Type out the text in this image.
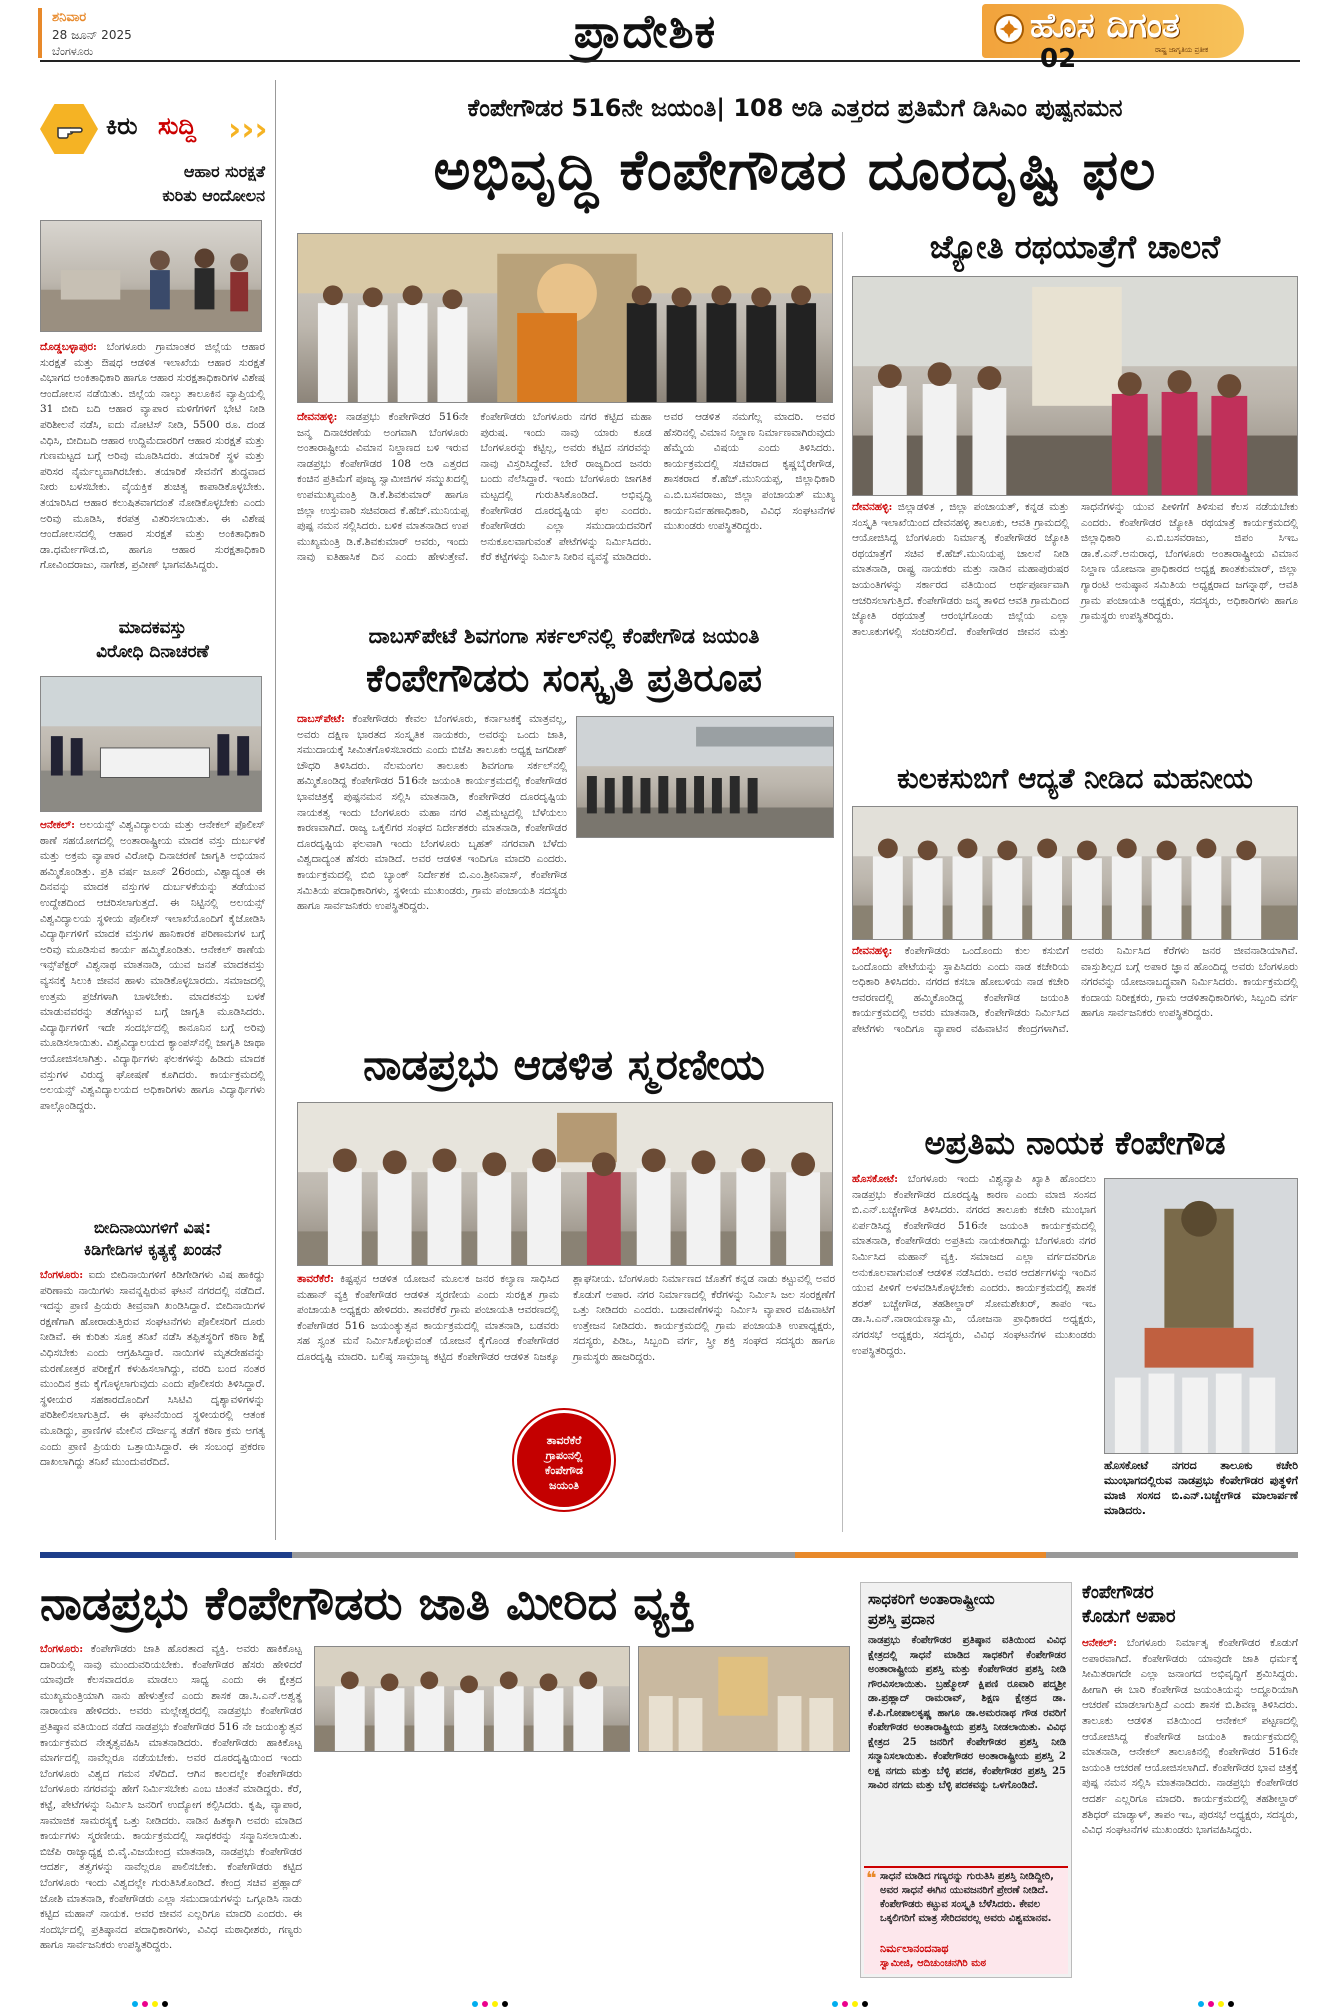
ಶನಿವಾರ
28 ಜೂನ್ 2025
ಬೆಂಗಳೂರು	ಪ್ರಾದೇಶಿಕ	ಹೊಸ ದಿಗಂತ
ರಾಷ್ಟ್ರ ಜಾಗೃತಿಯ ಪ್ರತೀಕ
02
ಕಿರು ಸುದ್ದಿ ›››
ಆಹಾರ ಸುರಕ್ಷತೆ
ಕುರಿತು ಆಂದೋಲನ
ದೊಡ್ಡಬಳ್ಳಾಪುರ: ಬೆಂಗಳೂರು ಗ್ರಾಮಾಂತರ ಜಿಲ್ಲೆಯ ಆಹಾರ ಸುರಕ್ಷತೆ ಮತ್ತು ಔಷಧ ಆಡಳಿತ ಇಲಾಖೆಯ ಆಹಾರ ಸುರಕ್ಷತೆ ವಿಭಾಗದ ಅಂಕಿತಾಧಿಕಾರಿ ಹಾಗೂ ಆಹಾರ ಸುರಕ್ಷತಾಧಿಕಾರಿಗಳ ವಿಶೇಷ ಆಂದೋಲನ ನಡೆಯಿತು. ಜಿಲ್ಲೆಯ ನಾಲ್ಕು ತಾಲೂಕಿನ ವ್ಯಾಪ್ತಿಯಲ್ಲಿ 31 ಬೀದಿ ಬದಿ ಆಹಾರ ವ್ಯಾಪಾರ ಮಳಿಗೆಗಳಿಗೆ ಭೇಟಿ ನೀಡಿ ಪರಿಶೀಲನೆ ನಡೆಸಿ, ಐದು ನೋಟಿಸ್ ನೀಡಿ, 5500 ರೂ. ದಂಡ ವಿಧಿಸಿ, ಬೀದಿಬದಿ ಆಹಾರ ಉದ್ದಿಮೆದಾರರಿಗೆ ಆಹಾರ ಸುರಕ್ಷತೆ ಮತ್ತು ಗುಣಮಟ್ಟದ ಬಗ್ಗೆ ಅರಿವು ಮೂಡಿಸಿದರು. ತಯಾರಿಕೆ ಸ್ಥಳ ಮತ್ತು ಪರಿಸರ ನೈರ್ಮಲ್ಯವಾಗಿರಬೇಕು. ತಯಾರಿಕೆ ಸೇವನೆಗೆ ಶುದ್ಧವಾದ ನೀರು ಬಳಸಬೇಕು. ವೈಯಕ್ತಿಕ ಶುಚಿತ್ವ ಕಾಪಾಡಿಕೊಳ್ಳಬೇಕು. ತಯಾರಿಸಿದ ಆಹಾರ ಕಲುಷಿತವಾಗದಂತೆ ನೋಡಿಕೊಳ್ಳಬೇಕು ಎಂದು ಅರಿವು ಮೂಡಿಸಿ, ಕರಪತ್ರ ವಿತರಿಸಲಾಯಿತು. ಈ ವಿಶೇಷ ಆಂದೋಲನದಲ್ಲಿ ಆಹಾರ ಸುರಕ್ಷತೆ ಮತ್ತು ಅಂಕಿತಾಧಿಕಾರಿ ಡಾ.ಧರ್ಮೇಗೌಡ.ಬಿ, ಹಾಗೂ ಆಹಾರ ಸುರಕ್ಷತಾಧಿಕಾರಿ ಗೋವಿಂದರಾಜು, ನಾಗೇಶ, ಪ್ರವೀಣ್ ಭಾಗವಹಿಸಿದ್ದರು.
ಮಾದಕವಸ್ತು
ವಿರೋಧಿ ದಿನಾಚರಣೆ
ಆನೇಕಲ್: ಅಲಯನ್ಸ್ ವಿಶ್ವವಿದ್ಯಾಲಯ ಮತ್ತು ಆನೇಕಲ್ ಪೊಲೀಸ್ ಠಾಣೆ ಸಹಯೋಗದಲ್ಲಿ ಅಂತಾರಾಷ್ಟ್ರೀಯ ಮಾದಕ ವಸ್ತು ದುರ್ಬಳಕೆ ಮತ್ತು ಅಕ್ರಮ ವ್ಯಾಪಾರ ವಿರೋಧಿ ದಿನಾಚರಣೆ ಜಾಗೃತಿ ಅಭಿಯಾನ ಹಮ್ಮಿಕೊಂಡಿತ್ತು. ಪ್ರತಿ ವರ್ಷ ಜೂನ್ 26ರಂದು, ವಿಶ್ವಾದ್ಯಂತ ಈ ದಿನವನ್ನು ಮಾದಕ ವಸ್ತುಗಳ ದುರ್ಬಳಕೆಯನ್ನು ತಡೆಯುವ ಉದ್ದೇಶದಿಂದ ಆಚರಿಸಲಾಗುತ್ತದೆ. ಈ ನಿಟ್ಟಿನಲ್ಲಿ ಅಲಯನ್ಸ್ ವಿಶ್ವವಿದ್ಯಾಲಯ ಸ್ಥಳೀಯ ಪೊಲೀಸ್ ಇಲಾಖೆಯೊಂದಿಗೆ ಕೈಜೋಡಿಸಿ ವಿದ್ಯಾರ್ಥಿಗಳಿಗೆ ಮಾದಕ ವಸ್ತುಗಳ ಹಾನಿಕಾರಕ ಪರಿಣಾಮಗಳ ಬಗ್ಗೆ ಅರಿವು ಮೂಡಿಸುವ ಕಾರ್ಯ ಹಮ್ಮಿಕೊಂಡಿತು. ಆನೇಕಲ್ ಠಾಣೆಯ ಇನ್ಸ್‌ಪೆಕ್ಟರ್ ವಿಶ್ವನಾಥ ಮಾತನಾಡಿ, ಯುವ ಜನತೆ ಮಾದಕವಸ್ತು ವ್ಯಸನಕ್ಕೆ ಸಿಲುಕಿ ಜೀವನ ಹಾಳು ಮಾಡಿಕೊಳ್ಳಬಾರದು. ಸಮಾಜದಲ್ಲಿ ಉತ್ತಮ ಪ್ರಜೆಗಳಾಗಿ ಬಾಳಬೇಕು. ಮಾದಕವಸ್ತು ಬಳಕೆ ಮಾಡುವವರನ್ನು ತಡೆಗಟ್ಟುವ ಬಗ್ಗೆ ಜಾಗೃತಿ ಮೂಡಿಸಿದರು. ವಿದ್ಯಾರ್ಥಿಗಳಿಗೆ ಇದೇ ಸಂದರ್ಭದಲ್ಲಿ ಕಾನೂನಿನ ಬಗ್ಗೆ ಅರಿವು ಮೂಡಿಸಲಾಯಿತು. ವಿಶ್ವವಿದ್ಯಾಲಯದ ಕ್ಯಾಂಪಸ್‌ನಲ್ಲಿ ಜಾಗೃತಿ ಜಾಥಾ ಆಯೋಜಿಸಲಾಗಿತ್ತು. ವಿದ್ಯಾರ್ಥಿಗಳು ಫಲಕಗಳನ್ನು ಹಿಡಿದು ಮಾದಕ ವಸ್ತುಗಳ ವಿರುದ್ಧ ಘೋಷಣೆ ಕೂಗಿದರು. ಕಾರ್ಯಕ್ರಮದಲ್ಲಿ ಅಲಯನ್ಸ್ ವಿಶ್ವವಿದ್ಯಾಲಯದ ಅಧಿಕಾರಿಗಳು ಹಾಗೂ ವಿದ್ಯಾರ್ಥಿಗಳು ಪಾಲ್ಗೊಂಡಿದ್ದರು.
ಬೀದಿನಾಯಿಗಳಿಗೆ ವಿಷ:
ಕಿಡಿಗೇಡಿಗಳ ಕೃತ್ಯಕ್ಕೆ ಖಂಡನೆ
ಬೆಂಗಳೂರು: ಐದು ಬೀದಿನಾಯಿಗಳಿಗೆ ಕಿಡಿಗೇಡಿಗಳು ವಿಷ ಹಾಕಿದ್ದು ಪರಿಣಾಮ ನಾಯಿಗಳು ಸಾವನ್ನಪ್ಪಿರುವ ಘಟನೆ ನಗರದಲ್ಲಿ ನಡೆದಿದೆ. ಇದನ್ನು ಪ್ರಾಣಿ ಪ್ರಿಯರು ತೀವ್ರವಾಗಿ ಖಂಡಿಸಿದ್ದಾರೆ. ಬೀದಿನಾಯಿಗಳ ರಕ್ಷಣೆಗಾಗಿ ಹೋರಾಡುತ್ತಿರುವ ಸಂಘಟನೆಗಳು ಪೊಲೀಸರಿಗೆ ದೂರು ನೀಡಿವೆ. ಈ ಕುರಿತು ಸೂಕ್ತ ತನಿಖೆ ನಡೆಸಿ ತಪ್ಪಿತಸ್ಥರಿಗೆ ಕಠಿಣ ಶಿಕ್ಷೆ ವಿಧಿಸಬೇಕು ಎಂದು ಆಗ್ರಹಿಸಿದ್ದಾರೆ. ನಾಯಿಗಳ ಮೃತದೇಹವನ್ನು ಮರಣೋತ್ತರ ಪರೀಕ್ಷೆಗೆ ಕಳುಹಿಸಲಾಗಿದ್ದು, ವರದಿ ಬಂದ ನಂತರ ಮುಂದಿನ ಕ್ರಮ ಕೈಗೊಳ್ಳಲಾಗುವುದು ಎಂದು ಪೊಲೀಸರು ತಿಳಿಸಿದ್ದಾರೆ. ಸ್ಥಳೀಯರ ಸಹಕಾರದೊಂದಿಗೆ ಸಿಸಿಟಿವಿ ದೃಶ್ಯಾವಳಿಗಳನ್ನು ಪರಿಶೀಲಿಸಲಾಗುತ್ತಿದೆ. ಈ ಘಟನೆಯಿಂದ ಸ್ಥಳೀಯರಲ್ಲಿ ಆತಂಕ ಮೂಡಿದ್ದು, ಪ್ರಾಣಿಗಳ ಮೇಲಿನ ದೌರ್ಜನ್ಯ ತಡೆಗೆ ಕಠಿಣ ಕ್ರಮ ಅಗತ್ಯ ಎಂದು ಪ್ರಾಣಿ ಪ್ರಿಯರು ಒತ್ತಾಯಿಸಿದ್ದಾರೆ. ಈ ಸಂಬಂಧ ಪ್ರಕರಣ ದಾಖಲಾಗಿದ್ದು ತನಿಖೆ ಮುಂದುವರೆದಿದೆ.
ಕೆಂಪೇಗೌಡರ 516ನೇ ಜಯಂತಿ| 108 ಅಡಿ ಎತ್ತರದ ಪ್ರತಿಮೆಗೆ ಡಿಸಿಎಂ ಪುಷ್ಪನಮನ
ಅಭಿವೃದ್ಧಿ ಕೆಂಪೇಗೌಡರ ದೂರದೃಷ್ಟಿ ಫಲ
ದೇವನಹಳ್ಳಿ: ನಾಡಪ್ರಭು ಕೆಂಪೇಗೌಡರ 516ನೇ ಜನ್ಮ ದಿನಾಚರಣೆಯ ಅಂಗವಾಗಿ ಬೆಂಗಳೂರು ಅಂತಾರಾಷ್ಟ್ರೀಯ ವಿಮಾನ ನಿಲ್ದಾಣದ ಬಳಿ ಇರುವ ನಾಡಪ್ರಭು ಕೆಂಪೇಗೌಡರ 108 ಅಡಿ ಎತ್ತರದ ಕಂಚಿನ ಪ್ರತಿಮೆಗೆ ಪೂಜ್ಯ ಸ್ವಾಮೀಜಿಗಳ ಸಮ್ಮುಖದಲ್ಲಿ ಉಪಮುಖ್ಯಮಂತ್ರಿ ಡಿ.ಕೆ.ಶಿವಕುಮಾರ್ ಹಾಗೂ ಜಿಲ್ಲಾ ಉಸ್ತುವಾರಿ ಸಚಿವರಾದ ಕೆ.ಹೆಚ್.ಮುನಿಯಪ್ಪ ಪುಷ್ಪ ನಮನ ಸಲ್ಲಿಸಿದರು. ಬಳಿಕ ಮಾತನಾಡಿದ ಉಪ ಮುಖ್ಯಮಂತ್ರಿ ಡಿ.ಕೆ.ಶಿವಕುಮಾರ್ ಅವರು, ಇಂದು ನಾವು ಐತಿಹಾಸಿಕ ದಿನ ಎಂದು ಹೇಳುತ್ತೇವೆ. ಕೆಂಪೇಗೌಡರು ಬೆಂಗಳೂರು ನಗರ ಕಟ್ಟಿದ ಮಹಾ ಪುರುಷ. ಇಂದು ನಾವು ಯಾರು ಕೂಡ ಬೆಂಗಳೂರನ್ನು ಕಟ್ಟಿಲ್ಲ, ಅವರು ಕಟ್ಟಿದ ನಗರವನ್ನು ನಾವು ವಿಸ್ತರಿಸಿದ್ದೇವೆ. ಬೇರೆ ರಾಜ್ಯದಿಂದ ಜನರು ಬಂದು ನೆಲೆಸಿದ್ದಾರೆ. ಇಂದು ಬೆಂಗಳೂರು ಜಾಗತಿಕ ಮಟ್ಟದಲ್ಲಿ ಗುರುತಿಸಿಕೊಂಡಿದೆ. ಅಭಿವೃದ್ಧಿ ಕೆಂಪೇಗೌಡರ ದೂರದೃಷ್ಟಿಯ ಫಲ ಎಂದರು. ಕೆಂಪೇಗೌಡರು ಎಲ್ಲಾ ಸಮುದಾಯದವರಿಗೆ ಅನುಕೂಲವಾಗುವಂತೆ ಪೇಟೆಗಳನ್ನು ನಿರ್ಮಿಸಿದರು. ಕೆರೆ ಕಟ್ಟೆಗಳನ್ನು ನಿರ್ಮಿಸಿ ನೀರಿನ ವ್ಯವಸ್ಥೆ ಮಾಡಿದರು. ಅವರ ಆಡಳಿತ ನಮಗೆಲ್ಲ ಮಾದರಿ. ಅವರ ಹೆಸರಿನಲ್ಲಿ ವಿಮಾನ ನಿಲ್ದಾಣ ನಿರ್ಮಾಣವಾಗಿರುವುದು ಹೆಮ್ಮೆಯ ವಿಷಯ ಎಂದು ತಿಳಿಸಿದರು. ಕಾರ್ಯಕ್ರಮದಲ್ಲಿ ಸಚಿವರಾದ ಕೃಷ್ಣಬೈರೇಗೌಡ, ಶಾಸಕರಾದ ಕೆ.ಹೆಚ್.ಮುನಿಯಪ್ಪ, ಜಿಲ್ಲಾಧಿಕಾರಿ ಎ.ಬಿ.ಬಸವರಾಜು, ಜಿಲ್ಲಾ ಪಂಚಾಯತ್ ಮುಖ್ಯ ಕಾರ್ಯನಿರ್ವಹಣಾಧಿಕಾರಿ, ವಿವಿಧ ಸಂಘಟನೆಗಳ ಮುಖಂಡರು ಉಪಸ್ಥಿತರಿದ್ದರು.
ಜ್ಯೋತಿ ರಥಯಾತ್ರೆಗೆ ಚಾಲನೆ
ದೇವನಹಳ್ಳಿ: ಜಿಲ್ಲಾಡಳಿತ , ಜಿಲ್ಲಾ ಪಂಚಾಯತ್, ಕನ್ನಡ ಮತ್ತು ಸಂಸ್ಕೃತಿ ಇಲಾಖೆಯಿಂದ ದೇವನಹಳ್ಳಿ ತಾಲೂಕು, ಆವತಿ ಗ್ರಾಮದಲ್ಲಿ ಆಯೋಜಿಸಿದ್ದ ಬೆಂಗಳೂರು ನಿರ್ಮಾತೃ ಕೆಂಪೇಗೌಡರ ಜ್ಯೋತಿ ರಥಯಾತ್ರೆಗೆ ಸಚಿವ ಕೆ.ಹೆಚ್.ಮುನಿಯಪ್ಪ ಚಾಲನೆ ನೀಡಿ ಮಾತನಾಡಿ, ರಾಷ್ಟ್ರ ನಾಯಕರು ಮತ್ತು ನಾಡಿನ ಮಹಾಪುರುಷರ ಜಯಂತಿಗಳನ್ನು ಸರ್ಕಾರದ ವತಿಯಿಂದ ಅರ್ಥಪೂರ್ಣವಾಗಿ ಆಚರಿಸಲಾಗುತ್ತಿದೆ. ಕೆಂಪೇಗೌಡರು ಜನ್ಮ ತಾಳಿದ ಆವತಿ ಗ್ರಾಮದಿಂದ ಜ್ಯೋತಿ ರಥಯಾತ್ರೆ ಆರಂಭಗೊಂಡು ಜಿಲ್ಲೆಯ ಎಲ್ಲಾ ತಾಲೂಕುಗಳಲ್ಲಿ ಸಂಚರಿಸಲಿದೆ. ಕೆಂಪೇಗೌಡರ ಜೀವನ ಮತ್ತು ಸಾಧನೆಗಳನ್ನು ಯುವ ಪೀಳಿಗೆಗೆ ತಿಳಿಸುವ ಕೆಲಸ ನಡೆಯಬೇಕು ಎಂದರು. ಕೆಂಪೇಗೌಡರ ಜ್ಯೋತಿ ರಥಯಾತ್ರೆ ಕಾರ್ಯಕ್ರಮದಲ್ಲಿ ಜಿಲ್ಲಾಧಿಕಾರಿ ಎ.ಬಿ.ಬಸವರಾಜು, ಜಿಪಂ ಸಿಇಒ ಡಾ.ಕೆ.ಎನ್.ಅನುರಾಧ, ಬೆಂಗಳೂರು ಅಂತಾರಾಷ್ಟ್ರೀಯ ವಿಮಾನ ನಿಲ್ದಾಣ ಯೋಜನಾ ಪ್ರಾಧಿಕಾರದ ಅಧ್ಯಕ್ಷ ಶಾಂತಕುಮಾರ್, ಜಿಲ್ಲಾ ಗ್ಯಾರಂಟಿ ಅನುಷ್ಠಾನ ಸಮಿತಿಯ ಅಧ್ಯಕ್ಷರಾದ ಜಗನ್ನಾಥ್, ಆವತಿ ಗ್ರಾಮ ಪಂಚಾಯತಿ ಅಧ್ಯಕ್ಷರು, ಸದಸ್ಯರು, ಅಧಿಕಾರಿಗಳು ಹಾಗೂ ಗ್ರಾಮಸ್ಥರು ಉಪಸ್ಥಿತರಿದ್ದರು.
ದಾಬಸ್‌ಪೇಟೆ ಶಿವಗಂಗಾ ಸರ್ಕಲ್‌ನಲ್ಲಿ ಕೆಂಪೇಗೌಡ ಜಯಂತಿ
ಕೆಂಪೇಗೌಡರು ಸಂಸ್ಕೃತಿ ಪ್ರತಿರೂಪ
ದಾಬಸ್‌ಪೇಟೆ: ಕೆಂಪೇಗೌಡರು ಕೇವಲ ಬೆಂಗಳೂರು, ಕರ್ನಾಟಕಕ್ಕೆ ಮಾತ್ರವಲ್ಲ, ಅವರು ದಕ್ಷಿಣ ಭಾರತದ ಸಂಸ್ಕೃತಿಕ ನಾಯಕರು, ಅವರನ್ನು ಒಂದು ಜಾತಿ, ಸಮುದಾಯಕ್ಕೆ ಸೀಮಿತಗೊಳಿಸಬಾರದು ಎಂದು ಬಿಜೆಪಿ ತಾಲೂಕು ಅಧ್ಯಕ್ಷ ಜಗದೀಶ್ ಚೌಧರಿ ತಿಳಿಸಿದರು. ನೆಲಮಂಗಲ ತಾಲೂಕು ಶಿವಗಂಗಾ ಸರ್ಕಲ್‌ನಲ್ಲಿ ಹಮ್ಮಿಕೊಂಡಿದ್ದ ಕೆಂಪೇಗೌಡರ 516ನೇ ಜಯಂತಿ ಕಾರ್ಯಕ್ರಮದಲ್ಲಿ ಕೆಂಪೇಗೌಡರ ಭಾವಚಿತ್ರಕ್ಕೆ ಪುಷ್ಪನಮನ ಸಲ್ಲಿಸಿ ಮಾತನಾಡಿ, ಕೆಂಪೇಗೌಡರ ದೂರದೃಷ್ಟಿಯ ನಾಯಕತ್ವ ಇಂದು ಬೆಂಗಳೂರು ಮಹಾ ನಗರ ವಿಶ್ವಮಟ್ಟದಲ್ಲಿ ಬೆಳೆಯಲು ಕಾರಣವಾಗಿದೆ. ರಾಜ್ಯ ಒಕ್ಕಲಿಗರ ಸಂಘದ ನಿರ್ದೇಶಕರು ಮಾತನಾಡಿ, ಕೆಂಪೇಗೌಡರ ದೂರದೃಷ್ಟಿಯ ಫಲವಾಗಿ ಇಂದು ಬೆಂಗಳೂರು ಬೃಹತ್ ನಗರವಾಗಿ ಬೆಳೆದು ವಿಶ್ವದಾದ್ಯಂತ ಹೆಸರು ಮಾಡಿದೆ. ಅವರ ಆಡಳಿತ ಇಂದಿಗೂ ಮಾದರಿ ಎಂದರು. ಕಾರ್ಯಕ್ರಮದಲ್ಲಿ ಬಿಬಿ ಬ್ಯಾಂಕ್ ನಿರ್ದೇಶಕ ಬಿ.ಎಂ.ಶ್ರೀನಿವಾಸ್, ಕೆಂಪೇಗೌಡ ಸಮಿತಿಯ ಪದಾಧಿಕಾರಿಗಳು, ಸ್ಥಳೀಯ ಮುಖಂಡರು, ಗ್ರಾಮ ಪಂಚಾಯತಿ ಸದಸ್ಯರು ಹಾಗೂ ಸಾರ್ವಜನಿಕರು ಉಪಸ್ಥಿತರಿದ್ದರು.
ಕುಲಕಸುಬಿಗೆ ಆದ್ಯತೆ ನೀಡಿದ ಮಹನೀಯ
ದೇವನಹಳ್ಳಿ: ಕೆಂಪೇಗೌಡರು ಒಂದೊಂದು ಕುಲ ಕಸುಬಿಗೆ ಒಂದೊಂದು ಪೇಟೆಯನ್ನು ಸ್ಥಾಪಿಸಿದರು ಎಂದು ನಾಡ ಕಚೇರಿಯ ಅಧಿಕಾರಿ ತಿಳಿಸಿದರು. ನಗರದ ಕಸಬಾ ಹೋಬಳಿಯ ನಾಡ ಕಚೇರಿ ಆವರಣದಲ್ಲಿ ಹಮ್ಮಿಕೊಂಡಿದ್ದ ಕೆಂಪೇಗೌಡ ಜಯಂತಿ ಕಾರ್ಯಕ್ರಮದಲ್ಲಿ ಅವರು ಮಾತನಾಡಿ, ಕೆಂಪೇಗೌಡರು ನಿರ್ಮಿಸಿದ ಪೇಟೆಗಳು ಇಂದಿಗೂ ವ್ಯಾಪಾರ ವಹಿವಾಟಿನ ಕೇಂದ್ರಗಳಾಗಿವೆ. ಅವರು ನಿರ್ಮಿಸಿದ ಕೆರೆಗಳು ಜನರ ಜೀವನಾಡಿಯಾಗಿವೆ. ವಾಸ್ತುಶಿಲ್ಪದ ಬಗ್ಗೆ ಅಪಾರ ಜ್ಞಾನ ಹೊಂದಿದ್ದ ಅವರು ಬೆಂಗಳೂರು ನಗರವನ್ನು ಯೋಜನಾಬದ್ಧವಾಗಿ ನಿರ್ಮಿಸಿದರು. ಕಾರ್ಯಕ್ರಮದಲ್ಲಿ ಕಂದಾಯ ನಿರೀಕ್ಷಕರು, ಗ್ರಾಮ ಆಡಳಿತಾಧಿಕಾರಿಗಳು, ಸಿಬ್ಬಂದಿ ವರ್ಗ ಹಾಗೂ ಸಾರ್ವಜನಿಕರು ಉಪಸ್ಥಿತರಿದ್ದರು.
ನಾಡಪ್ರಭು ಆಡಳಿತ ಸ್ಮರಣೀಯ
ತಾವರೆಕೆರೆ: ಕಿಷ್ಟಪ್ಪನ ಆಡಳಿತ ಯೋಜನೆ ಮೂಲಕ ಜನರ ಕಲ್ಯಾಣ ಸಾಧಿಸಿದ ಮಹಾನ್ ವ್ಯಕ್ತಿ ಕೆಂಪೇಗೌಡರ ಆಡಳಿತ ಸ್ಮರಣೀಯ ಎಂದು ಸುರಕ್ಷಿತ ಗ್ರಾಮ ಪಂಚಾಯತಿ ಅಧ್ಯಕ್ಷರು ಹೇಳಿದರು. ತಾವರೆಕೆರೆ ಗ್ರಾಮ ಪಂಚಾಯತಿ ಆವರಣದಲ್ಲಿ ಕೆಂಪೇಗೌಡರ 516 ಜಯಂತ್ಯುತ್ಸವ ಕಾರ್ಯಕ್ರಮದಲ್ಲಿ ಮಾತನಾಡಿ, ಬಡವರು ಸಹ ಸ್ವಂತ ಮನೆ ನಿರ್ಮಿಸಿಕೊಳ್ಳುವಂತೆ ಯೋಜನೆ ಕೈಗೊಂಡ ಕೆಂಪೇಗೌಡರ ದೂರದೃಷ್ಟಿ ಮಾದರಿ. ಬಲಿಷ್ಠ ಸಾಮ್ರಾಜ್ಯ ಕಟ್ಟಿದ ಕೆಂಪೇಗೌಡರ ಆಡಳಿತ ನಿಜಕ್ಕೂ ಶ್ಲಾಘನೀಯ. ಬೆಂಗಳೂರು ನಿರ್ಮಾಣದ ಜೊತೆಗೆ ಕನ್ನಡ ನಾಡು ಕಟ್ಟುವಲ್ಲಿ ಅವರ ಕೊಡುಗೆ ಅಪಾರ. ನಗರ ನಿರ್ಮಾಣದಲ್ಲಿ ಕೆರೆಗಳನ್ನು ನಿರ್ಮಿಸಿ ಜಲ ಸಂರಕ್ಷಣೆಗೆ ಒತ್ತು ನೀಡಿದರು ಎಂದರು. ಬಡಾವಣೆಗಳನ್ನು ನಿರ್ಮಿಸಿ ವ್ಯಾಪಾರ ವಹಿವಾಟಿಗೆ ಉತ್ತೇಜನ ನೀಡಿದರು. ಕಾರ್ಯಕ್ರಮದಲ್ಲಿ ಗ್ರಾಮ ಪಂಚಾಯತಿ ಉಪಾಧ್ಯಕ್ಷರು, ಸದಸ್ಯರು, ಪಿಡಿಒ, ಸಿಬ್ಬಂದಿ ವರ್ಗ, ಸ್ತ್ರೀ ಶಕ್ತಿ ಸಂಘದ ಸದಸ್ಯರು ಹಾಗೂ ಗ್ರಾಮಸ್ಥರು ಹಾಜರಿದ್ದರು.
ತಾವರೆಕೆರೆ
ಗ್ರಾಪಂನಲ್ಲಿ
ಕೆಂಪೇಗೌಡ
ಜಯಂತಿ
ಅಪ್ರತಿಮ ನಾಯಕ ಕೆಂಪೇಗೌಡ
ಹೊಸಕೋಟೆ: ಬೆಂಗಳೂರು ಇಂದು ವಿಶ್ವವ್ಯಾಪಿ ಖ್ಯಾತಿ ಹೊಂದಲು ನಾಡಪ್ರಭು ಕೆಂಪೇಗೌಡರ ದೂರದೃಷ್ಟಿ ಕಾರಣ ಎಂದು ಮಾಜಿ ಸಂಸದ ಬಿ.ಎನ್.ಬಚ್ಚೇಗೌಡ ತಿಳಿಸಿದರು. ನಗರದ ತಾಲೂಕು ಕಚೇರಿ ಮುಂಭಾಗ ಏರ್ಪಡಿಸಿದ್ದ ಕೆಂಪೇಗೌಡರ 516ನೇ ಜಯಂತಿ ಕಾರ್ಯಕ್ರಮದಲ್ಲಿ ಮಾತನಾಡಿ, ಕೆಂಪೇಗೌಡರು ಅಪ್ರತಿಮ ನಾಯಕರಾಗಿದ್ದು ಬೆಂಗಳೂರು ನಗರ ನಿರ್ಮಿಸಿದ ಮಹಾನ್ ವ್ಯಕ್ತಿ. ಸಮಾಜದ ಎಲ್ಲಾ ವರ್ಗದವರಿಗೂ ಅನುಕೂಲವಾಗುವಂತೆ ಆಡಳಿತ ನಡೆಸಿದರು. ಅವರ ಆದರ್ಶಗಳನ್ನು ಇಂದಿನ ಯುವ ಪೀಳಿಗೆ ಅಳವಡಿಸಿಕೊಳ್ಳಬೇಕು ಎಂದರು. ಕಾರ್ಯಕ್ರಮದಲ್ಲಿ ಶಾಸಕ ಶರತ್ ಬಚ್ಚೇಗೌಡ, ತಹಶೀಲ್ದಾರ್ ಸೋಮಶೇಖರ್, ತಾಪಂ ಇಒ ಡಾ.ಸಿ.ಎನ್.ನಾರಾಯಣಸ್ವಾಮಿ, ಯೋಜನಾ ಪ್ರಾಧಿಕಾರದ ಅಧ್ಯಕ್ಷರು, ನಗರಸಭೆ ಅಧ್ಯಕ್ಷರು, ಸದಸ್ಯರು, ವಿವಿಧ ಸಂಘಟನೆಗಳ ಮುಖಂಡರು ಉಪಸ್ಥಿತರಿದ್ದರು.
ಹೊಸಕೋಟೆ ನಗರದ ತಾಲೂಕು ಕಚೇರಿ ಮುಂಭಾಗದಲ್ಲಿರುವ ನಾಡಪ್ರಭು ಕೆಂಪೇಗೌಡರ ಪುತ್ಥಳಿಗೆ ಮಾಜಿ ಸಂಸದ ಬಿ.ಎನ್.ಬಚ್ಚೇಗೌಡ ಮಾಲಾರ್ಪಣೆ ಮಾಡಿದರು.
ನಾಡಪ್ರಭು ಕೆಂಪೇಗೌಡರು ಜಾತಿ ಮೀರಿದ ವ್ಯಕ್ತಿ
ಬೆಂಗಳೂರು: ಕೆಂಪೇಗೌಡರು ಜಾತಿ ಹೊರತಾದ ವ್ಯಕ್ತಿ. ಅವರು ಹಾಕಿಕೊಟ್ಟ ದಾರಿಯಲ್ಲಿ ನಾವು ಮುಂದುವರಿಯಬೇಕು. ಕೆಂಪೇಗೌಡರ ಹೆಸರು ಹೇಳಿದರೆ ಯಾವುದೇ ಕೆಲಸವಾದರೂ ಮಾಡಲು ಸಾಧ್ಯ ಎಂದು ಈ ಕ್ಷೇತ್ರದ ಮುಖ್ಯಮಂತ್ರಿಯಾಗಿ ನಾನು ಹೇಳುತ್ತೇನೆ ಎಂದು ಶಾಸಕ ಡಾ.ಸಿ.ಎನ್.ಅಶ್ವತ್ಥ ನಾರಾಯಣ ಹೇಳಿದರು. ಅವರು ಮಲ್ಲೇಶ್ವರದಲ್ಲಿ ನಾಡಪ್ರಭು ಕೆಂಪೇಗೌಡರ ಪ್ರತಿಷ್ಠಾನ ವತಿಯಿಂದ ನಡೆದ ನಾಡಪ್ರಭು ಕೆಂಪೇಗೌಡರ 516 ನೇ ಜಯಂತ್ಯುತ್ಸವ ಕಾರ್ಯಕ್ರಮದ ನೇತೃತ್ವವಹಿಸಿ ಮಾತನಾಡಿದರು. ಕೆಂಪೇಗೌಡರು ಹಾಕಿಕೊಟ್ಟ ಮಾರ್ಗದಲ್ಲಿ ನಾವೆಲ್ಲರೂ ನಡೆಯಬೇಕು. ಅವರ ದೂರದೃಷ್ಟಿಯಿಂದ ಇಂದು ಬೆಂಗಳೂರು ವಿಶ್ವದ ಗಮನ ಸೆಳೆದಿದೆ. ಆಗಿನ ಕಾಲದಲ್ಲೇ ಕೆಂಪೇಗೌಡರು ಬೆಂಗಳೂರು ನಗರವನ್ನು ಹೇಗೆ ನಿರ್ಮಿಸಬೇಕು ಎಂಬ ಚಿಂತನೆ ಮಾಡಿದ್ದರು. ಕೆರೆ, ಕಟ್ಟೆ, ಪೇಟೆಗಳನ್ನು ನಿರ್ಮಿಸಿ ಜನರಿಗೆ ಉದ್ಯೋಗ ಕಲ್ಪಿಸಿದರು. ಕೃಷಿ, ವ್ಯಾಪಾರ, ಸಾಮಾಜಿಕ ಸಾಮರಸ್ಯಕ್ಕೆ ಒತ್ತು ನೀಡಿದರು. ನಾಡಿನ ಹಿತಕ್ಕಾಗಿ ಅವರು ಮಾಡಿದ ಕಾರ್ಯಗಳು ಸ್ಮರಣೀಯ. ಕಾರ್ಯಕ್ರಮದಲ್ಲಿ ಸಾಧಕರನ್ನು ಸನ್ಮಾನಿಸಲಾಯಿತು. ಬಿಜೆಪಿ ರಾಜ್ಯಾಧ್ಯಕ್ಷ ಬಿ.ವೈ.ವಿಜಯೇಂದ್ರ ಮಾತನಾಡಿ, ನಾಡಪ್ರಭು ಕೆಂಪೇಗೌಡರ ಆದರ್ಶ, ತತ್ವಗಳನ್ನು ನಾವೆಲ್ಲರೂ ಪಾಲಿಸಬೇಕು. ಕೆಂಪೇಗೌಡರು ಕಟ್ಟಿದ ಬೆಂಗಳೂರು ಇಂದು ವಿಶ್ವದಲ್ಲೇ ಗುರುತಿಸಿಕೊಂಡಿದೆ. ಕೇಂದ್ರ ಸಚಿವ ಪ್ರಹ್ಲಾದ್ ಜೋಶಿ ಮಾತನಾಡಿ, ಕೆಂಪೇಗೌಡರು ಎಲ್ಲಾ ಸಮುದಾಯಗಳನ್ನು ಒಗ್ಗೂಡಿಸಿ ನಾಡು ಕಟ್ಟಿದ ಮಹಾನ್ ನಾಯಕ. ಅವರ ಜೀವನ ಎಲ್ಲರಿಗೂ ಮಾದರಿ ಎಂದರು. ಈ ಸಂದರ್ಭದಲ್ಲಿ ಪ್ರತಿಷ್ಠಾನದ ಪದಾಧಿಕಾರಿಗಳು, ವಿವಿಧ ಮಠಾಧೀಶರು, ಗಣ್ಯರು ಹಾಗೂ ಸಾರ್ವಜನಿಕರು ಉಪಸ್ಥಿತರಿದ್ದರು.
ಸಾಧಕರಿಗೆ ಅಂತಾರಾಷ್ಟ್ರೀಯ
ಪ್ರಶಸ್ತಿ ಪ್ರದಾನ
ನಾಡಪ್ರಭು ಕೆಂಪೇಗೌಡರ ಪ್ರತಿಷ್ಠಾನ ವತಿಯಿಂದ ವಿವಿಧ ಕ್ಷೇತ್ರದಲ್ಲಿ ಸಾಧನೆ ಮಾಡಿದ ಸಾಧಕರಿಗೆ ಕೆಂಪೇಗೌಡರ ಅಂತಾರಾಷ್ಟ್ರೀಯ ಪ್ರಶಸ್ತಿ ಮತ್ತು ಕೆಂಪೇಗೌಡರ ಪ್ರಶಸ್ತಿ ನೀಡಿ ಗೌರವಿಸಲಾಯಿತು. ಬ್ರಹ್ಮೋಸ್ ಕ್ಷಿಪಣಿ ರೂವಾರಿ ಪದ್ಮಶ್ರೀ ಡಾ.ಪ್ರಹ್ಲಾದ್ ರಾಮರಾವ್, ಶಿಕ್ಷಣ ಕ್ಷೇತ್ರದ ಡಾ. ಕೆ.ಪಿ.ಗೋಪಾಲಕೃಷ್ಣ ಹಾಗೂ ಡಾ.ಅಮರನಾಥ ಗೌಡ ರವರಿಗೆ ಕೆಂಪೇಗೌಡರ ಅಂತಾರಾಷ್ಟ್ರೀಯ ಪ್ರಶಸ್ತಿ ನೀಡಲಾಯಿತು. ವಿವಿಧ ಕ್ಷೇತ್ರದ 25 ಜನರಿಗೆ ಕೆಂಪೇಗೌಡರ ಪ್ರಶಸ್ತಿ ನೀಡಿ ಸನ್ಮಾನಿಸಲಾಯಿತು. ಕೆಂಪೇಗೌಡರ ಅಂತಾರಾಷ್ಟ್ರೀಯ ಪ್ರಶಸ್ತಿ 2 ಲಕ್ಷ ನಗದು ಮತ್ತು ಬೆಳ್ಳಿ ಪದಕ, ಕೆಂಪೇಗೌಡರ ಪ್ರಶಸ್ತಿ 25 ಸಾವಿರ ನಗದು ಮತ್ತು ಬೆಳ್ಳಿ ಪದಕವನ್ನು ಒಳಗೊಂಡಿದೆ.
❝ ಸಾಧನೆ ಮಾಡಿದ ಗಣ್ಯರನ್ನು ಗುರುತಿಸಿ ಪ್ರಶಸ್ತಿ ನೀಡಿದ್ದೀರಿ, ಅವರ ಸಾಧನೆ ಈಗಿನ ಯುವಜನರಿಗೆ ಪ್ರೇರಣೆ ನೀಡಿದೆ. ಕೆಂಪೇಗೌಡರು ಕಟ್ಟುವ ಸಂಸ್ಕೃತಿ ಬೆಳೆಸಿದರು. ಕೇವಲ ಒಕ್ಕಲಿಗರಿಗೆ ಮಾತ್ರ ಸೇರಿದವರಲ್ಲ ಅವರು ವಿಶ್ವಮಾನವ.
ನಿರ್ಮಲಾನಂದನಾಥ
ಸ್ವಾಮೀಜಿ, ಆದಿಚುಂಚನಗಿರಿ ಮಠ
ಕೆಂಪೇಗೌಡರ
ಕೊಡುಗೆ ಅಪಾರ
ಆನೇಕಲ್: ಬೆಂಗಳೂರು ನಿರ್ಮಾತೃ ಕೆಂಪೇಗೌಡರ ಕೊಡುಗೆ ಅಪಾರವಾಗಿದೆ. ಕೆಂಪೇಗೌಡರು ಯಾವುದೇ ಜಾತಿ ಧರ್ಮಕ್ಕೆ ಸೀಮಿತರಾಗದೇ ಎಲ್ಲಾ ಜನಾಂಗದ ಅಭಿವೃದ್ಧಿಗೆ ಶ್ರಮಿಸಿದ್ದರು. ಹೀಗಾಗಿ ಈ ಬಾರಿ ಕೆಂಪೇಗೌಡ ಜಯಂತಿಯನ್ನು ಅದ್ದೂರಿಯಾಗಿ ಆಚರಣೆ ಮಾಡಲಾಗುತ್ತಿದೆ ಎಂದು ಶಾಸಕ ಬಿ.ಶಿವಣ್ಣ ತಿಳಿಸಿದರು. ತಾಲೂಕು ಆಡಳಿತ ವತಿಯಿಂದ ಆನೇಕಲ್ ಪಟ್ಟಣದಲ್ಲಿ ಆಯೋಜಿಸಿದ್ದ ಕೆಂಪೇಗೌಡ ಜಯಂತಿ ಕಾರ್ಯಕ್ರಮದಲ್ಲಿ ಮಾತನಾಡಿ, ಆನೇಕಲ್ ತಾಲೂಕಿನಲ್ಲಿ ಕೆಂಪೇಗೌಡರ 516ನೇ ಜಯಂತಿ ಆಚರಣೆ ಆಯೋಜಿಸಲಾಗಿದೆ. ಕೆಂಪೇಗೌಡರ ಭಾವ ಚಿತ್ರಕ್ಕೆ ಪುಷ್ಪ ನಮನ ಸಲ್ಲಿಸಿ ಮಾತನಾಡಿದರು. ನಾಡಪ್ರಭು ಕೆಂಪೇಗೌಡರ ಆದರ್ಶ ಎಲ್ಲರಿಗೂ ಮಾದರಿ. ಕಾರ್ಯಕ್ರಮದಲ್ಲಿ ತಹಶೀಲ್ದಾರ್ ಶಶಿಧರ್ ಮಾಡ್ಯಾಳ್, ತಾಪಂ ಇಒ, ಪುರಸಭೆ ಅಧ್ಯಕ್ಷರು, ಸದಸ್ಯರು, ವಿವಿಧ ಸಂಘಟನೆಗಳ ಮುಖಂಡರು ಭಾಗವಹಿಸಿದ್ದರು.
